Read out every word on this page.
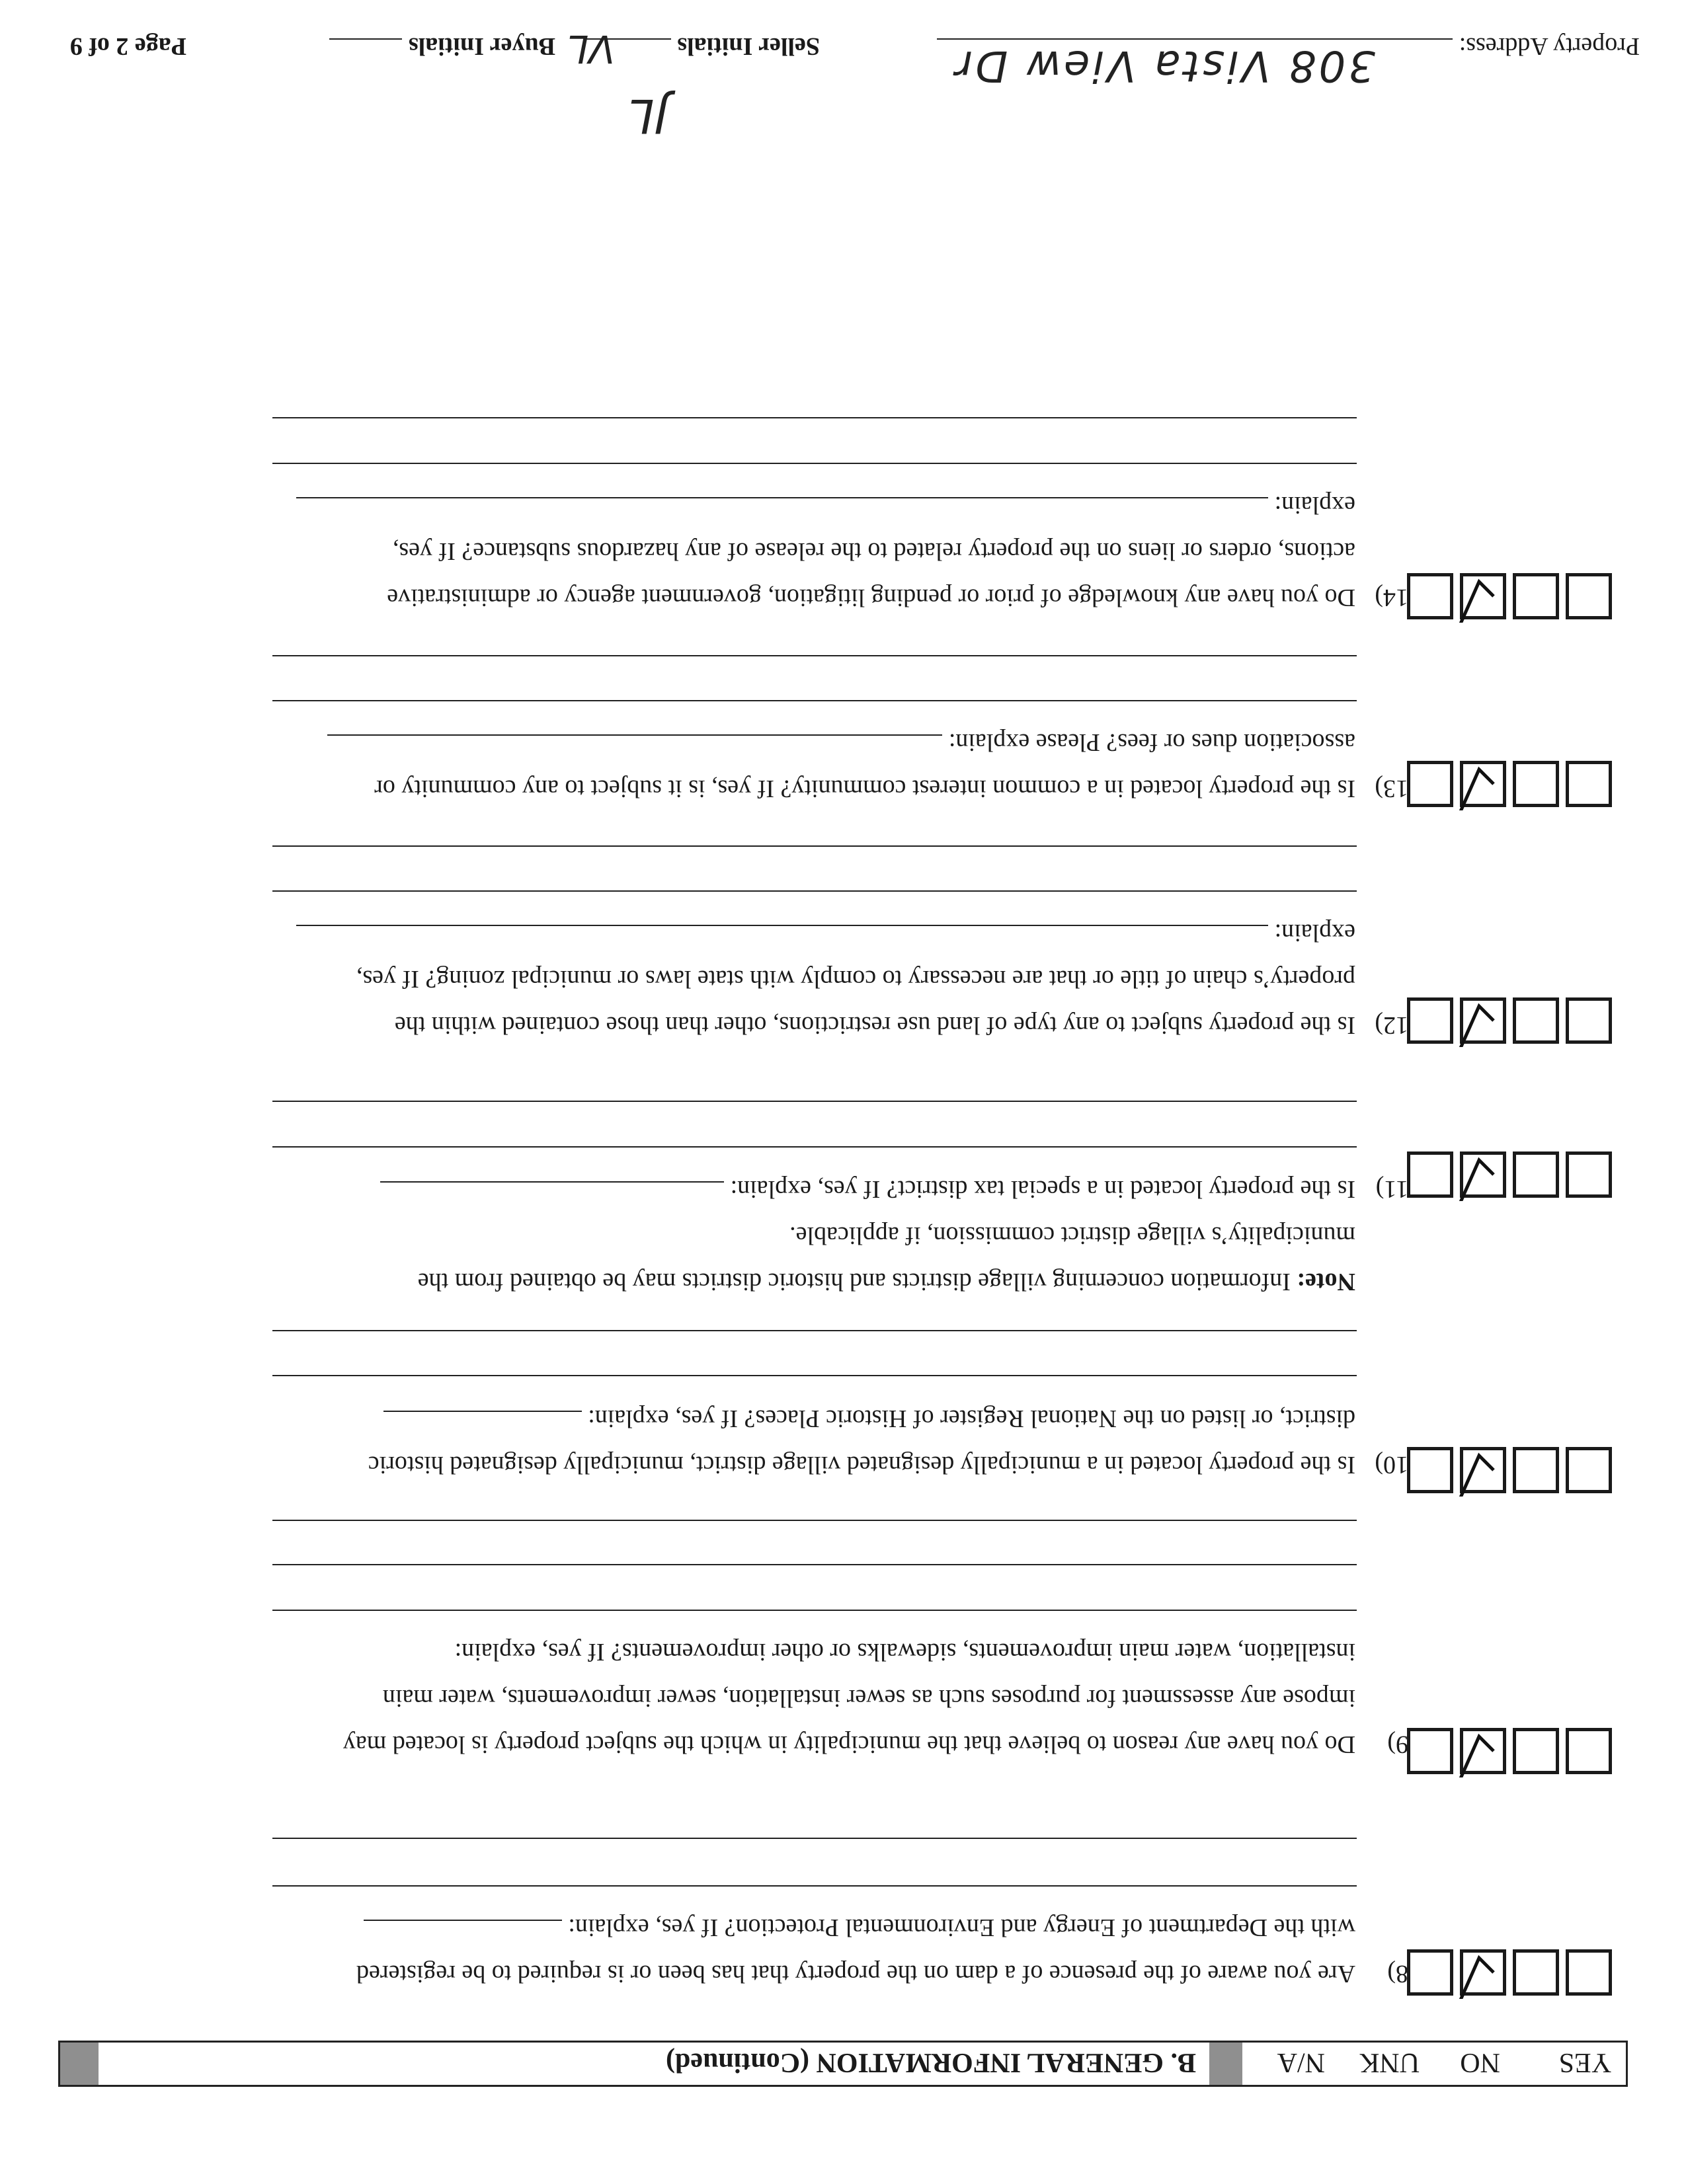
YES
NO
UNK
N/A
B. GENERAL INFORMATION (Continued)
8)
Are you aware of the presence of a dam on the property that has been or is required to be registered
with the Department of Energy and Environmental Protection? If yes, explain:
9)
Do you have any reason to believe that the municipality in which the subject property is located may
impose any assessment for purposes such as sewer installation, sewer improvements, water main
installation, water main improvements, sidewalks or other improvements? If yes, explain:
10)
Is the property located in a municipally designated village district, municipally designated historic
district, or listed on the National Register of Historic Places? If yes, explain:
Note: Information concerning village districts and historic districts may be obtained from the
municipality’s village district commission, if applicable.
11)
Is the property located in a special tax district? If yes, explain:
12)
Is the property subject to any type of land use restrictions, other than those contained within the
property’s chain of title or that are necessary to comply with state laws or municipal zoning? If yes,
explain:
13)
Is the property located in a common interest community? If yes, is it subject to any community or
association dues or fees? Please explain:
14)
Do you have any knowledge of prior or pending litigation, government agency or administrative
actions, orders or liens on the property related to the release of any hazardous substance? If yes,
explain:
Page 2 of 9	Buyer Initials	Seller Initials
VL
JL
Property Address:
308 Vista View Dr
